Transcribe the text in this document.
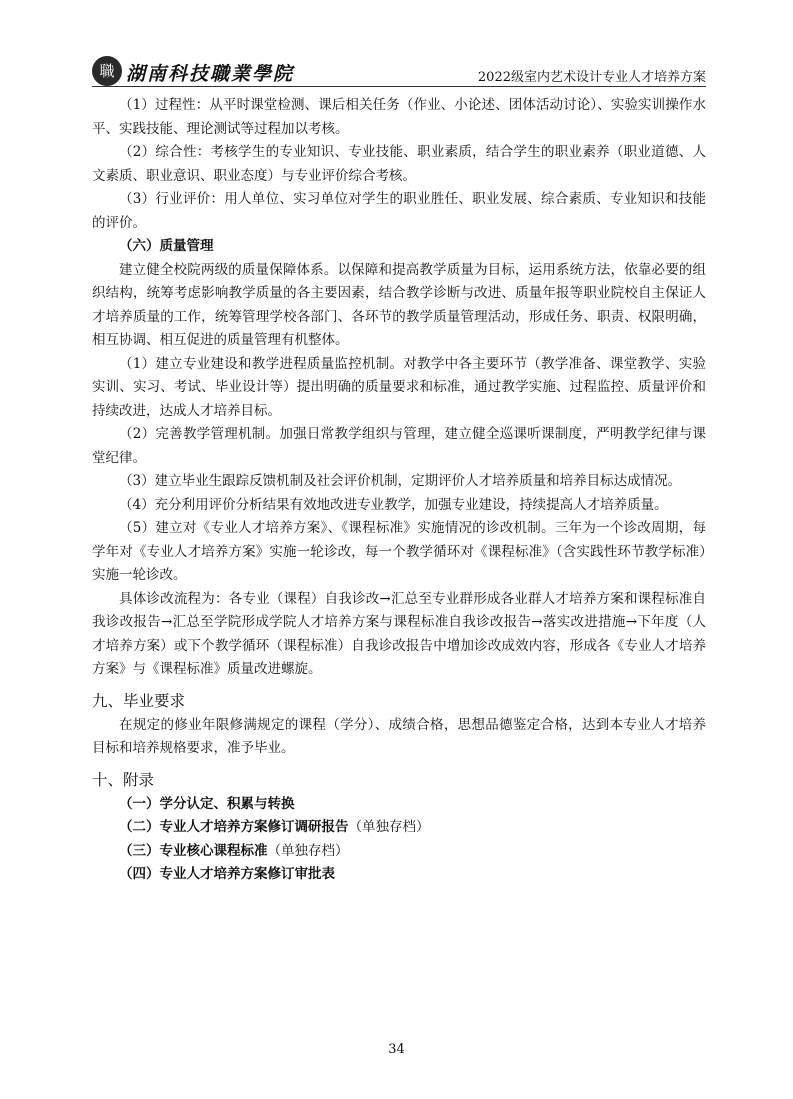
職 湖南科技職業學院	2022级室内艺术设计专业人才培养方案

（1）过程性：从平时课堂检测、课后相关任务（作业、小论述、团体活动讨论）、实验实训操作水平、实践技能、理论测试等过程加以考核。

（2）综合性：考核学生的专业知识、专业技能、职业素质，结合学生的职业素养（职业道德、人文素质、职业意识、职业态度）与专业评价综合考核。

（3）行业评价：用人单位、实习单位对学生的职业胜任、职业发展、综合素质、专业知识和技能的评价。

（六）质量管理

建立健全校院两级的质量保障体系。以保障和提高教学质量为目标，运用系统方法，依靠必要的组织结构，统筹考虑影响教学质量的各主要因素，结合教学诊断与改进、质量年报等职业院校自主保证人才培养质量的工作，统筹管理学校各部门、各环节的教学质量管理活动，形成任务、职责、权限明确，相互协调、相互促进的质量管理有机整体。

（1）建立专业建设和教学进程质量监控机制。对教学中各主要环节（教学准备、课堂教学、实验实训、实习、考试、毕业设计等）提出明确的质量要求和标准，通过教学实施、过程监控、质量评价和持续改进，达成人才培养目标。

（2）完善教学管理机制。加强日常教学组织与管理，建立健全巡课听课制度，严明教学纪律与课堂纪律。

（3）建立毕业生跟踪反馈机制及社会评价机制，定期评价人才培养质量和培养目标达成情况。

（4）充分利用评价分析结果有效地改进专业教学，加强专业建设，持续提高人才培养质量。

（5）建立对《专业人才培养方案》、《课程标准》实施情况的诊改机制。三年为一个诊改周期，每学年对《专业人才培养方案》实施一轮诊改，每一个教学循环对《课程标准》（含实践性环节教学标准）实施一轮诊改。

具体诊改流程为：各专业（课程）自我诊改→汇总至专业群形成各业群人才培养方案和课程标准自我诊改报告→汇总至学院形成学院人才培养方案与课程标准自我诊改报告→落实改进措施→下年度（人才培养方案）或下个教学循环（课程标准）自我诊改报告中增加诊改成效内容，形成各《专业人才培养方案》与《课程标准》质量改进螺旋。

九、毕业要求

在规定的修业年限修满规定的课程（学分）、成绩合格，思想品德鉴定合格，达到本专业人才培养目标和培养规格要求，准予毕业。

十、附录

（一）学分认定、积累与转换

（二）专业人才培养方案修订调研报告（单独存档）

（三）专业核心课程标准（单独存档）

（四）专业人才培养方案修订审批表

34
